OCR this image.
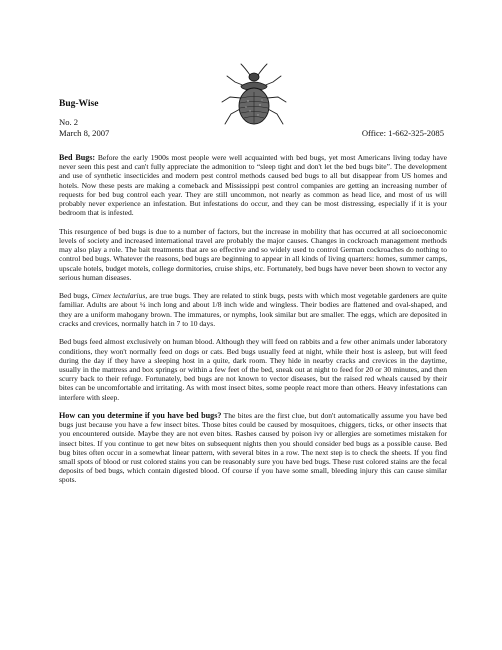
Bug-Wise
No. 2
March 8, 2007	Office: 1-662-325-2085

Bed Bugs: Before the early 1900s most people were well acquainted with bed bugs, yet most Americans living today have never seen this pest and can't fully appreciate the admonition to “sleep tight and don't let the bed bugs bite”. The development and use of synthetic insecticides and modern pest control methods caused bed bugs to all but disappear from US homes and hotels. Now these pests are making a comeback and Mississippi pest control companies are getting an increasing number of requests for bed bug control each year. They are still uncommon, not nearly as common as head lice, and most of us will probably never experience an infestation. But infestations do occur, and they can be most distressing, especially if it is your bedroom that is infested.

This resurgence of bed bugs is due to a number of factors, but the increase in mobility that has occurred at all socioeconomic levels of society and increased international travel are probably the major causes. Changes in cockroach management methods may also play a role. The bait treatments that are so effective and so widely used to control German cockroaches do nothing to control bed bugs. Whatever the reasons, bed bugs are beginning to appear in all kinds of living quarters: homes, summer camps, upscale hotels, budget motels, college dormitories, cruise ships, etc. Fortunately, bed bugs have never been shown to vector any serious human diseases.

Bed bugs, Cimex lectularius, are true bugs. They are related to stink bugs, pests with which most vegetable gardeners are quite familiar. Adults are about ¼ inch long and about 1/8 inch wide and wingless. Their bodies are flattened and oval-shaped, and they are a uniform mahogany brown. The immatures, or nymphs, look similar but are smaller. The eggs, which are deposited in cracks and crevices, normally hatch in 7 to 10 days.

Bed bugs feed almost exclusively on human blood. Although they will feed on rabbits and a few other animals under laboratory conditions, they won't normally feed on dogs or cats. Bed bugs usually feed at night, while their host is asleep, but will feed during the day if they have a sleeping host in a quite, dark room. They hide in nearby cracks and crevices in the daytime, usually in the mattress and box springs or within a few feet of the bed, sneak out at night to feed for 20 or 30 minutes, and then scurry back to their refuge. Fortunately, bed bugs are not known to vector diseases, but the raised red wheals caused by their bites can be uncomfortable and irritating. As with most insect bites, some people react more than others. Heavy infestations can interfere with sleep.

How can you determine if you have bed bugs? The bites are the first clue, but don't automatically assume you have bed bugs just because you have a few insect bites. Those bites could be caused by mosquitoes, chiggers, ticks, or other insects that you encountered outside. Maybe they are not even bites. Rashes caused by poison ivy or allergies are sometimes mistaken for insect bites. If you continue to get new bites on subsequent nights then you should consider bed bugs as a possible cause. Bed bug bites often occur in a somewhat linear pattern, with several bites in a row. The next step is to check the sheets. If you find small spots of blood or rust colored stains you can be reasonably sure you have bed bugs. These rust colored stains are the fecal deposits of bed bugs, which contain digested blood. Of course if you have some small, bleeding injury this can cause similar spots.
